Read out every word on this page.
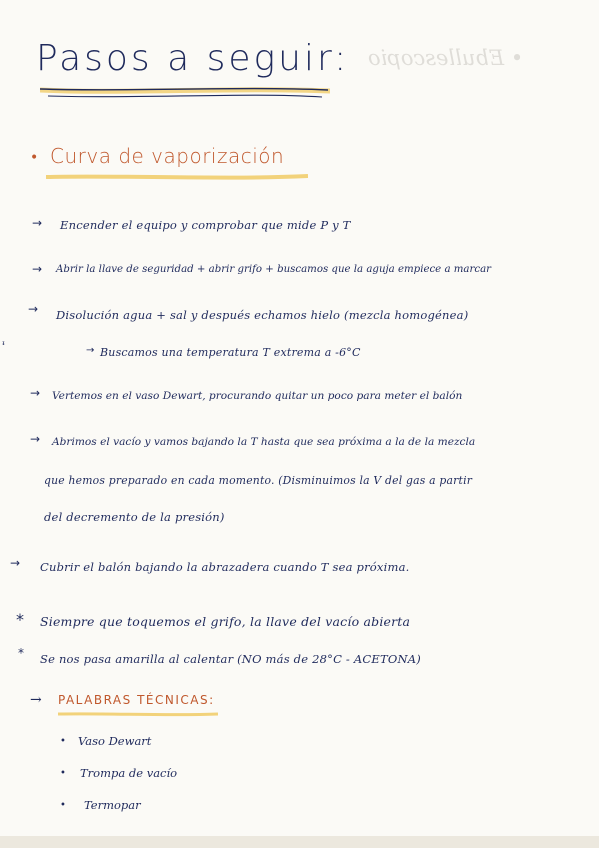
• Ebullescopio
Pasos a seguir:
• Curva de vaporización
→ Encender el equipo y comprobar que mide P y T
→ Abrir la llave de seguridad + abrir grifo + buscamos que la aguja empiece a marcar
→ Disolución agua + sal y después echamos hielo (mezcla homogénea)
→ Buscamos una temperatura T extrema a -6°C
ᶧ
→ Vertemos en el vaso Dewart, procurando quitar un poco para meter el balón
→ Abrimos el vacío y vamos bajando la T hasta que sea próxima a la de la mezcla
que hemos preparado en cada momento. (Disminuimos la V del gas a partir
del decremento de la presión)
→ Cubrir el balón bajando la abrazadera cuando T sea próxima.
* Siempre que toquemos el grifo, la llave del vacío abierta
* Se nos pasa amarilla al calentar (NO más de 28°C - ACETONA)
→ PALABRAS TÉCNICAS:
• Vaso Dewart
• Trompa de vacío
• Termopar
